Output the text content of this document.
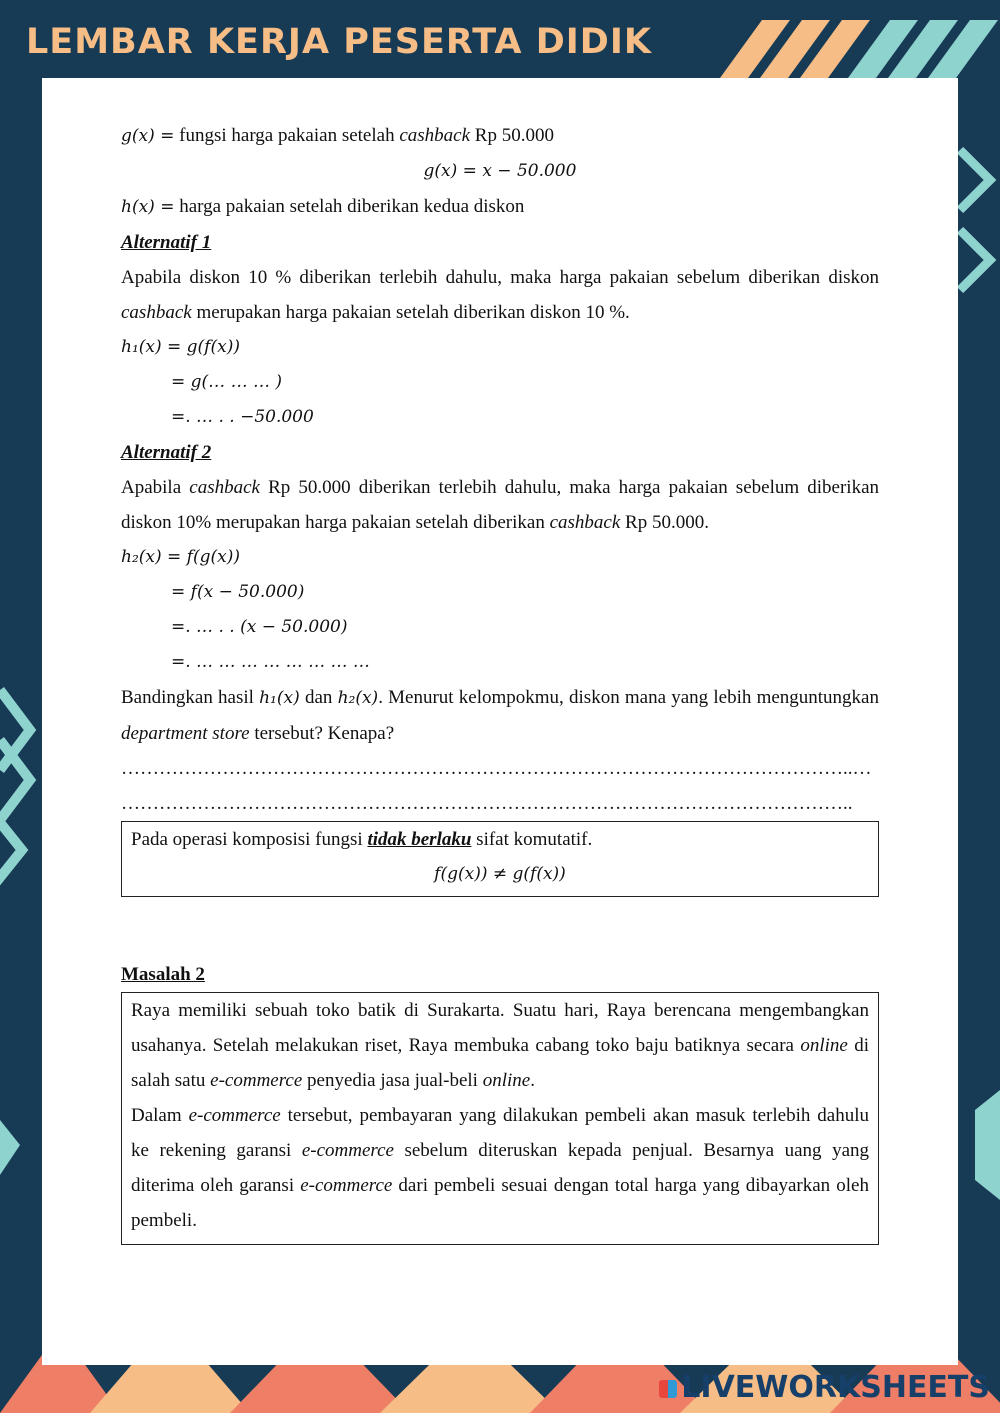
LEMBAR KERJA PESERTA DIDIK
g(x) = fungsi harga pakaian setelah cashback Rp 50.000
g(x) = x − 50.000
h(x) = harga pakaian setelah diberikan kedua diskon
Alternatif 1
Apabila diskon 10 % diberikan terlebih dahulu, maka harga pakaian sebelum diberikan diskon cashback merupakan harga pakaian setelah diberikan diskon 10 %.
h₁(x) = g(f(x))
= g(… … … )
=. … . . −50.000
Alternatif 2
Apabila cashback Rp 50.000 diberikan terlebih dahulu, maka harga pakaian sebelum diberikan diskon 10% merupakan harga pakaian setelah diberikan cashback Rp 50.000.
h₂(x) = f(g(x))
= f(x − 50.000)
=. … . . (x − 50.000)
=. … … … … … … … …
Bandingkan hasil h₁(x) dan h₂(x). Menurut kelompokmu, diskon mana yang lebih menguntungkan department store tersebut? Kenapa?
……………………………………………………………………………………………………..…
……………………………………………………………………………………………………..
Pada operasi komposisi fungsi tidak berlaku sifat komutatif.
f(g(x)) ≠ g(f(x))
Masalah 2
Raya memiliki sebuah toko batik di Surakarta. Suatu hari, Raya berencana mengembangkan usahanya. Setelah melakukan riset, Raya membuka cabang toko baju batiknya secara online di salah satu e-commerce penyedia jasa jual-beli online.
Dalam e-commerce tersebut, pembayaran yang dilakukan pembeli akan masuk terlebih dahulu ke rekening garansi e-commerce sebelum diteruskan kepada penjual. Besarnya uang yang diterima oleh garansi e-commerce dari pembeli sesuai dengan total harga yang dibayarkan oleh pembeli.
LIVEWORKSHEETS
